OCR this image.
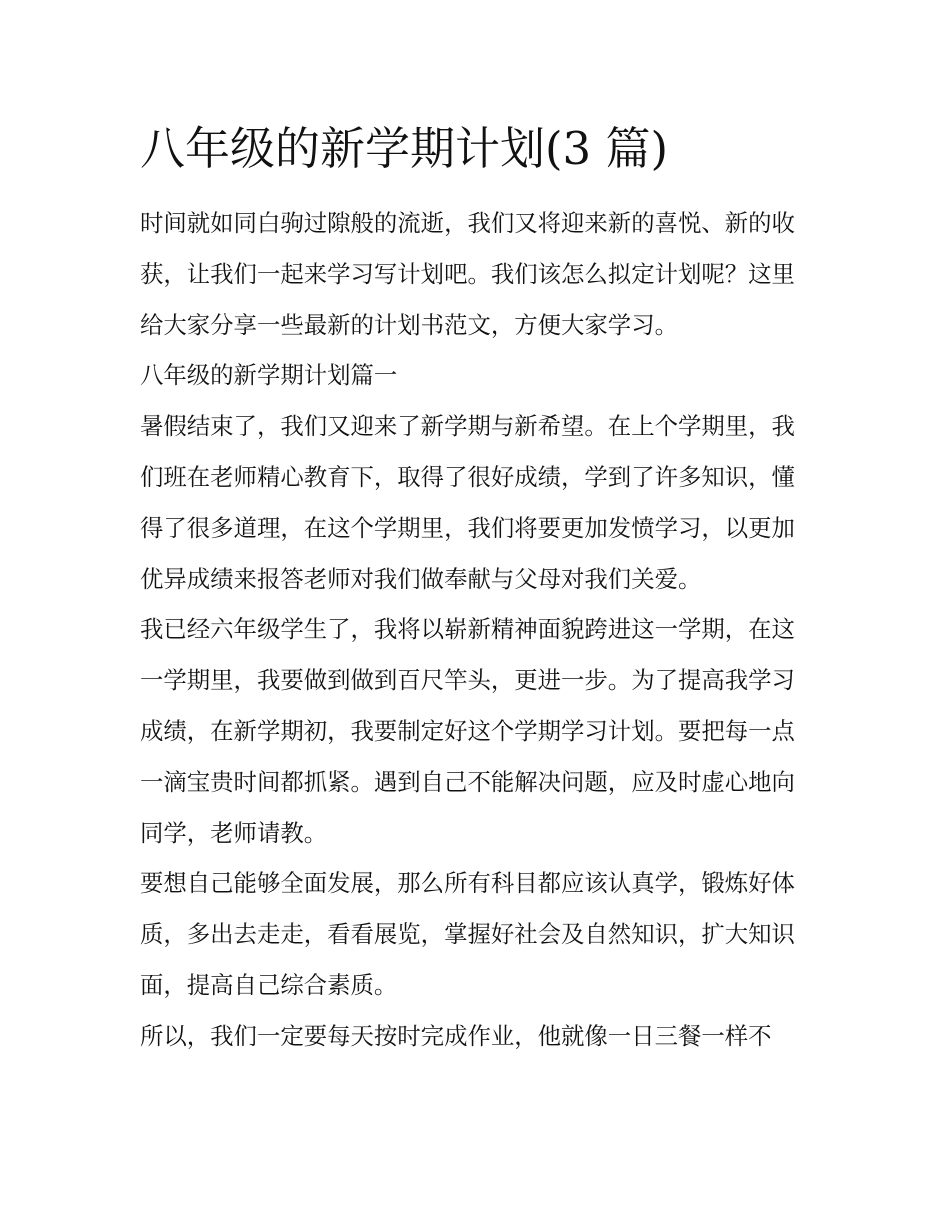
八年级的新学期计划(3 篇)

时间就如同白驹过隙般的流逝，我们又将迎来新的喜悦、新的收获，让我们一起来学习写计划吧。我们该怎么拟定计划呢？这里给大家分享一些最新的计划书范文，方便大家学习。

八年级的新学期计划篇一

暑假结束了，我们又迎来了新学期与新希望。在上个学期里，我们班在老师精心教育下，取得了很好成绩，学到了许多知识，懂得了很多道理，在这个学期里，我们将要更加发愤学习，以更加优异成绩来报答老师对我们做奉献与父母对我们关爱。

我已经六年级学生了，我将以崭新精神面貌跨进这一学期，在这一学期里，我要做到做到百尺竿头，更进一步。为了提高我学习成绩，在新学期初，我要制定好这个学期学习计划。要把每一点一滴宝贵时间都抓紧。遇到自己不能解决问题，应及时虚心地向同学，老师请教。

要想自己能够全面发展，那么所有科目都应该认真学，锻炼好体质，多出去走走，看看展览，掌握好社会及自然知识，扩大知识面，提高自己综合素质。

所以，我们一定要每天按时完成作业，他就像一日三餐一样不
